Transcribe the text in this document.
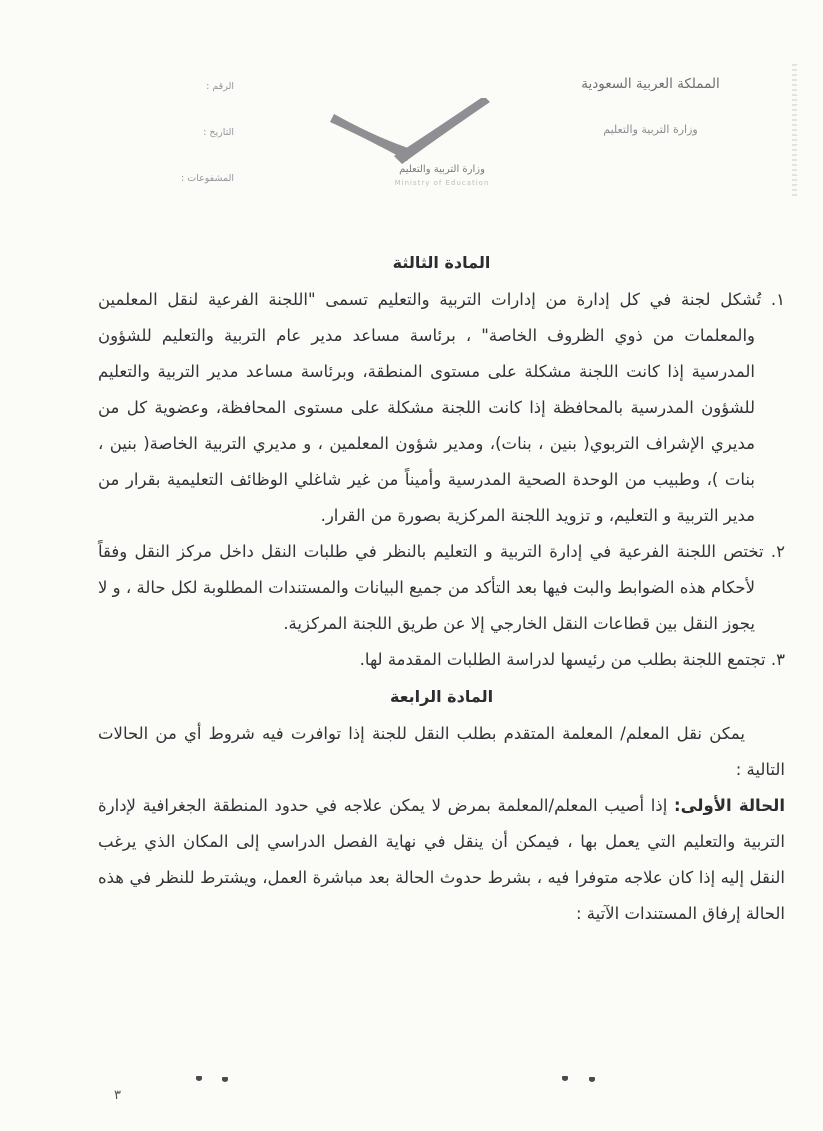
المملكة العربية السعودية
وزارة التربية والتعليم
الرقم :
التاريخ :
المشفوعات :
وزارة التربية والتعليم
Ministry of Education
المادة الثالثة
١. تُشكل لجنة في كل إدارة من إدارات التربية والتعليم تسمى "اللجنة الفرعية لنقل المعلمين والمعلمات من ذوي الظروف الخاصة" ، برئاسة مساعد مدير عام التربية والتعليم للشؤون المدرسية إذا كانت اللجنة مشكلة على مستوى المنطقة، وبرئاسة مساعد مدير التربية والتعليم للشؤون المدرسية بالمحافظة إذا كانت اللجنة مشكلة على مستوى المحافظة، وعضوية كل من مديري الإشراف التربوي( بنين ، بنات)، ومدير شؤون المعلمين ، و مديري التربية الخاصة( بنين ، بنات )، وطبيب من الوحدة الصحية المدرسية وأميناً من غير شاغلي الوظائف التعليمية بقرار من مدير التربية و التعليم، و تزويد اللجنة المركزية بصورة من القرار.
٢. تختص اللجنة الفرعية في إدارة التربية و التعليم بالنظر في طلبات النقل داخل مركز النقل وفقاً لأحكام هذه الضوابط والبت فيها بعد التأكد من جميع البيانات والمستندات المطلوبة لكل حالة ، و لا يجوز النقل بين قطاعات النقل الخارجي إلا عن طريق اللجنة المركزية.
٣. تجتمع اللجنة بطلب من رئيسها لدراسة الطلبات المقدمة لها.
المادة الرابعة

يمكن نقل المعلم/ المعلمة المتقدم بطلب النقل للجنة إذا توافرت فيه شروط أي من الحالات التالية :

الحالة الأولى: إذا أصيب المعلم/المعلمة بمرض لا يمكن علاجه في حدود المنطقة الجغرافية لإدارة التربية والتعليم التي يعمل بها ، فيمكن أن ينقل في نهاية الفصل الدراسي إلى المكان الذي يرغب النقل إليه إذا كان علاجه متوفرا فيه ، بشرط حدوث الحالة بعد مباشرة العمل، ويشترط للنظر في هذه الحالة إرفاق المستندات الآتية :

٣
